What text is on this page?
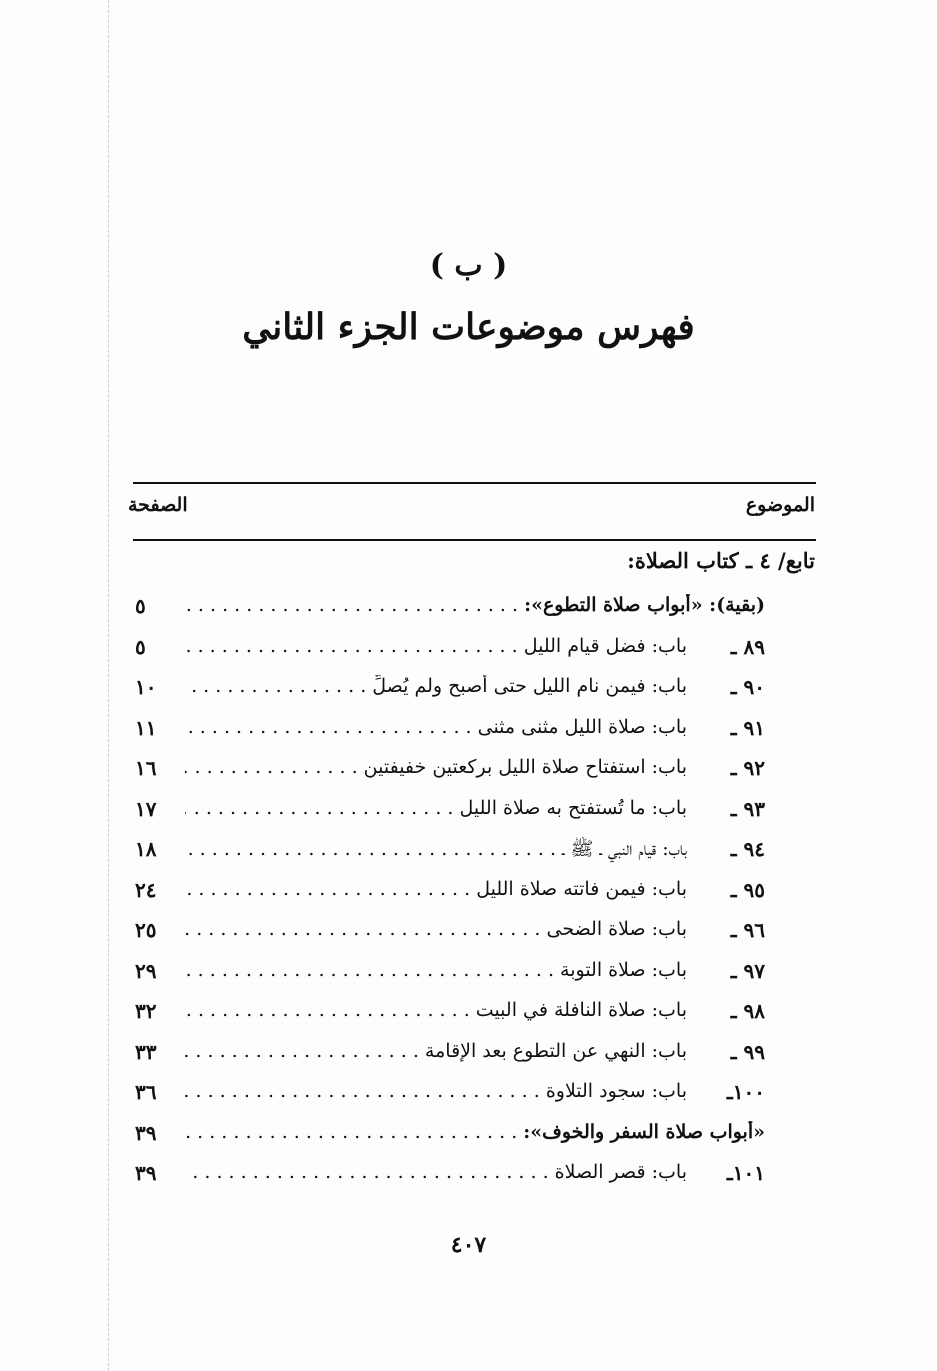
( ب )
فهرس موضوعات الجزء الثاني
الموضوع
الصفحة
تابع/ ٤ ـ كتاب الصلاة:
(بقية): «أبواب صلاة التطوع»: . . .
٥
٨٩ ـ
باب: فضل قيام الليل . . .
٥
٩٠ ـ
باب: فيمن نام الليل حتى أصبح ولم يُصلِّ . . .
١٠
٩١ ـ
باب: صلاة الليل مثنى مثنى . . .
١١
٩٢ ـ
باب: استفتاح صلاة الليل بركعتين خفيفتين . . .
١٦
٩٣ ـ
باب: ما تُستفتح به صلاة الليل . . .
١٧
٩٤ ـ
باب: قيام النبي ـ ﷺ ـ . . .
١٨
٩٥ ـ
باب: فيمن فاتته صلاة الليل . . .
٢٤
٩٦ ـ
باب: صلاة الضحى . . .
٢٥
٩٧ ـ
باب: صلاة التوبة . . .
٢٩
٩٨ ـ
باب: صلاة النافلة في البيت . . .
٣٢
٩٩ ـ
باب: النهي عن التطوع بعد الإقامة . . .
٣٣
١٠٠ـ
باب: سجود التلاوة . . .
٣٦
«أبواب صلاة السفر والخوف»: . . .
٣٩
١٠١ـ
باب: قصر الصلاة . . .
٣٩
٤٠٧
